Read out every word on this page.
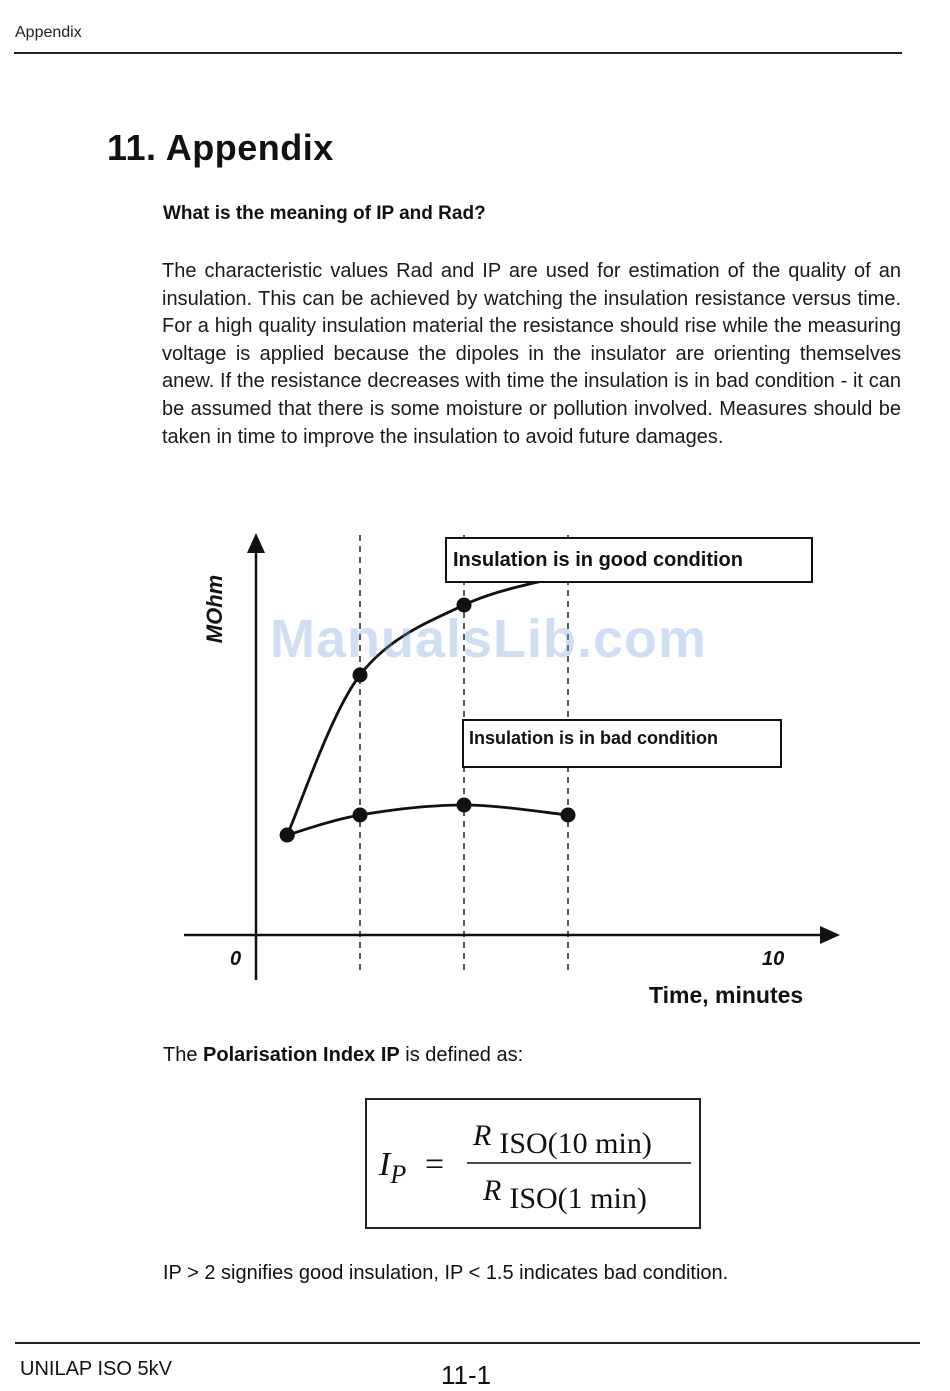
Appendix
11. Appendix
What is the meaning of IP and Rad?
The characteristic values Rad and IP are used for estimation of the quality of an insulation. This can be achieved by watching the insulation resistance versus time. For a high quality insulation material the resistance should rise while the measuring voltage is applied because the dipoles in the insulator are orienting themselves anew. If the resistance decreases with time the insulation is in bad condition - it can be assumed that there is some moisture or pollution involved. Measures should be taken in time to improve the insulation to avoid future damages.
Insulation is in good condition
Insulation is in bad condition
MOhm
0	10
Time, minutes
ManualsLib.com
The Polarisation Index IP is defined as:
$I_P$ =
R ISO(10 min)
R ISO(1 min)
IP > 2 signifies good insulation, IP < 1.5 indicates bad condition.
UNILAP ISO 5kV	11-1
